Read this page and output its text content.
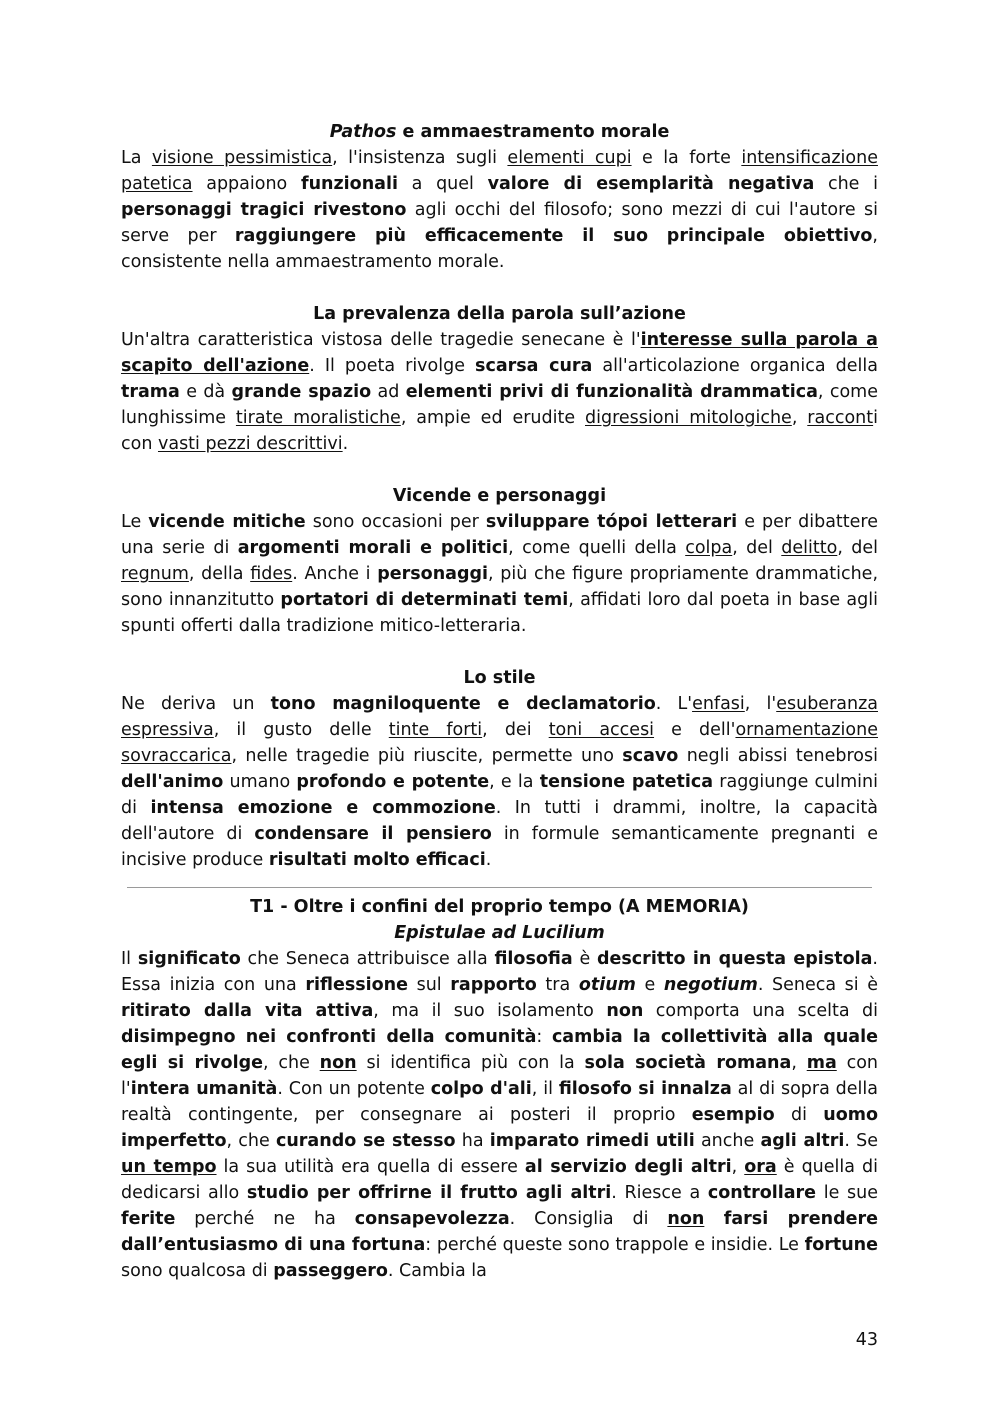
Pathos e ammaestramento morale

La visione pessimistica, l'insistenza sugli elementi cupi e la forte intensificazione patetica appaiono funzionali a quel valore di esemplarità negativa che i personaggi tragici rivestono agli occhi del filosofo; sono mezzi di cui l'autore si serve per raggiungere più efficacemente il suo principale obiettivo, consistente nella ammaestramento morale.

La prevalenza della parola sull’azione

Un'altra caratteristica vistosa delle tragedie senecane è l'interesse sulla parola a scapito dell'azione. Il poeta rivolge scarsa cura all'articolazione organica della trama e dà grande spazio ad elementi privi di funzionalità drammatica, come lunghissime tirate moralistiche, ampie ed erudite digressioni mitologiche, racconti con vasti pezzi descrittivi.

Vicende e personaggi

Le vicende mitiche sono occasioni per sviluppare tópoi letterari e per dibattere una serie di argomenti morali e politici, come quelli della colpa, del delitto, del regnum, della fides. Anche i personaggi, più che figure propriamente drammatiche, sono innanzitutto portatori di determinati temi, affidati loro dal poeta in base agli spunti offerti dalla tradizione mitico-letteraria.

Lo stile

Ne deriva un tono magniloquente e declamatorio. L'enfasi, l'esuberanza espressiva, il gusto delle tinte forti, dei toni accesi e dell'ornamentazione sovraccarica, nelle tragedie più riuscite, permette uno scavo negli abissi tenebrosi dell'animo umano profondo e potente, e la tensione patetica raggiunge culmini di intensa emozione e commozione. In tutti i drammi, inoltre, la capacità dell'autore di condensare il pensiero in formule semanticamente pregnanti e incisive produce risultati molto efficaci.

T1 - Oltre i confini del proprio tempo (A MEMORIA)
Epistulae ad Lucilium

Il significato che Seneca attribuisce alla filosofia è descritto in questa epistola. Essa inizia con una riflessione sul rapporto tra otium e negotium. Seneca si è ritirato dalla vita attiva, ma il suo isolamento non comporta una scelta di disimpegno nei confronti della comunità: cambia la collettività alla quale egli si rivolge, che non si identifica più con la sola società romana, ma con l'intera umanità. Con un potente colpo d'ali, il filosofo si innalza al di sopra della realtà contingente, per consegnare ai posteri il proprio esempio di uomo imperfetto, che curando se stesso ha imparato rimedi utili anche agli altri. Se un tempo la sua utilità era quella di essere al servizio degli altri, ora è quella di dedicarsi allo studio per offrirne il frutto agli altri. Riesce a controllare le sue ferite perché ne ha consapevolezza. Consiglia di non farsi prendere dall’entusiasmo di una fortuna: perché queste sono trappole e insidie. Le fortune sono qualcosa di passeggero. Cambia la

43
